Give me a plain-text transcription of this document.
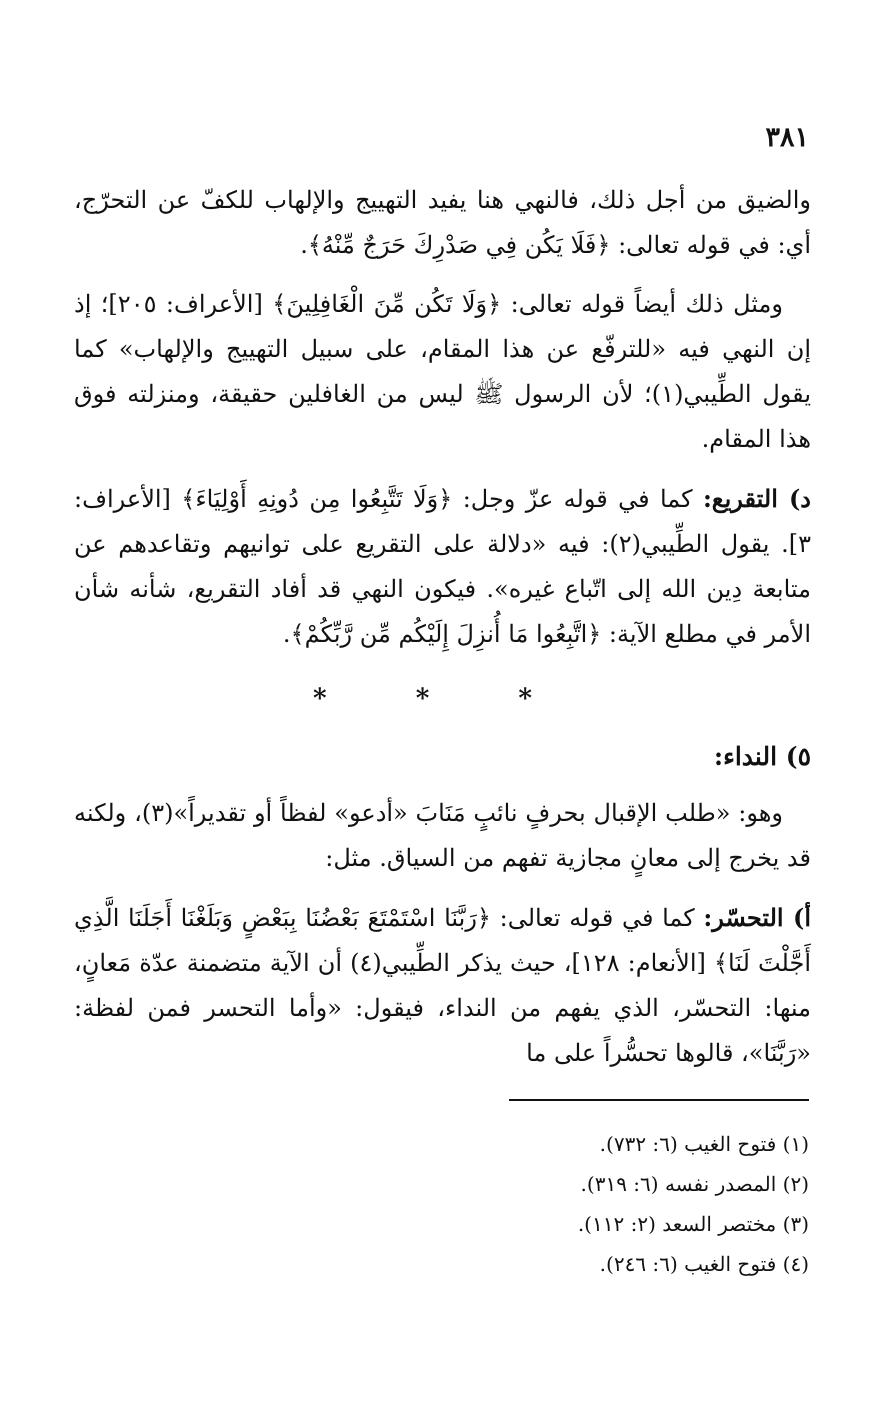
٣٨١

والضيق من أجل ذلك، فالنهي هنا يفيد التهييج والإلهاب للكفّ عن التحرّج، أي: في قوله تعالى: ﴿فَلَا يَكُن فِي صَدْرِكَ حَرَجٌ مِّنْهُ﴾.

ومثل ذلك أيضاً قوله تعالى: ﴿وَلَا تَكُن مِّنَ الْغَافِلِينَ﴾ [الأعراف: ٢٠٥]؛ إذ إن النهي فيه «للترفّع عن هذا المقام، على سبيل التهييج والإلهاب» كما يقول الطِّيبي(١)؛ لأن الرسول ﷺ ليس من الغافلين حقيقة، ومنزلته فوق هذا المقام.

د) التقريع: كما في قوله عزّ وجل: ﴿وَلَا تَتَّبِعُوا مِن دُونِهِ أَوْلِيَاءَ﴾ [الأعراف: ٣]. يقول الطِّيبي(٢): فيه «دلالة على التقريع على توانيهم وتقاعدهم عن متابعة دِين الله إلى اتّباع غيره». فيكون النهي قد أفاد التقريع، شأنه شأن الأمر في مطلع الآية: ﴿اتَّبِعُوا مَا أُنزِلَ إِلَيْكُم مِّن رَّبِّكُمْ﴾.

* * *
٥) النداء:

وهو: «طلب الإقبال بحرفٍ نائبٍ مَنَابَ «أدعو» لفظاً أو تقديراً»(٣)، ولكنه قد يخرج إلى معانٍ مجازية تفهم من السياق. مثل:

أ) التحسّر: كما في قوله تعالى: ﴿رَبَّنَا اسْتَمْتَعَ بَعْضُنَا بِبَعْضٍ وَبَلَغْنَا أَجَلَنَا الَّذِي أَجَّلْتَ لَنَا﴾ [الأنعام: ١٢٨]، حيث يذكر الطِّيبي(٤) أن الآية متضمنة عدّة مَعانٍ، منها: التحسّر، الذي يفهم من النداء، فيقول: «وأما التحسر فمن لفظة: «رَبَّنَا»، قالوها تحسُّراً على ما

(١) فتوح الغيب (٦: ٧٣٢).

(٢) المصدر نفسه (٦: ٣١٩).

(٣) مختصر السعد (٢: ١١٢).

(٤) فتوح الغيب (٦: ٢٤٦).
